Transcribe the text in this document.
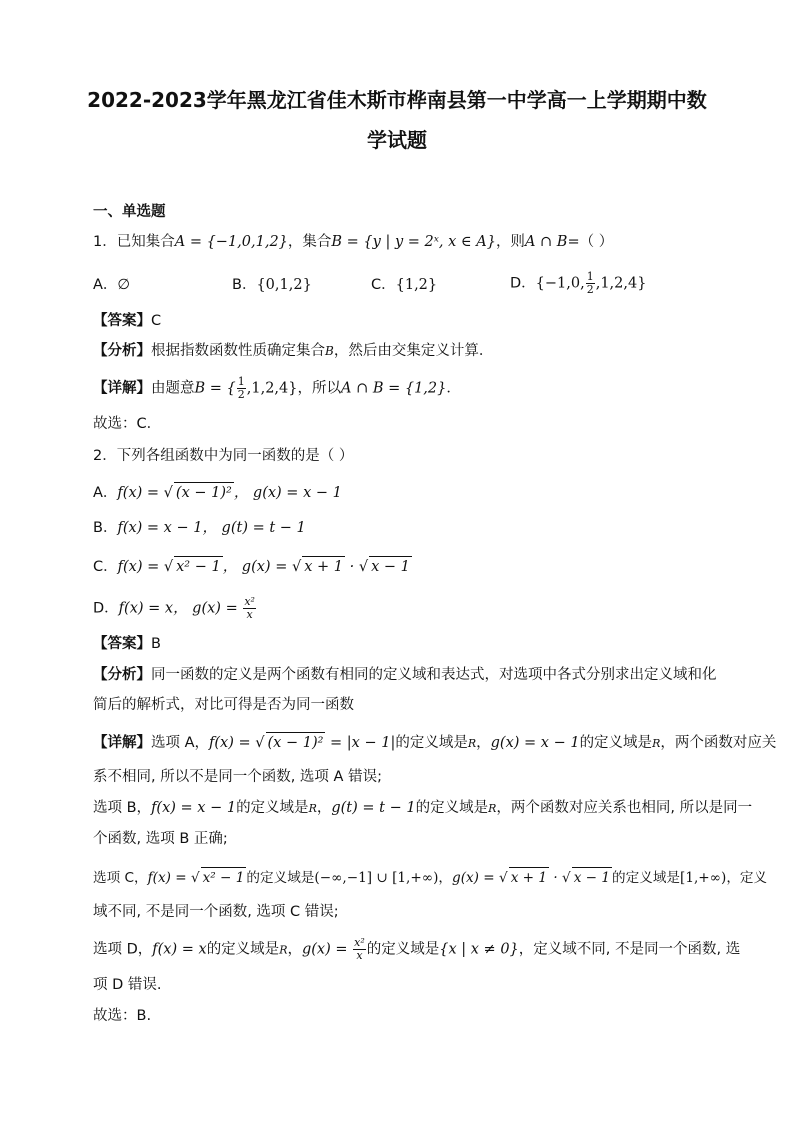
2022-2023学年黑龙江省佳木斯市桦南县第一中学高一上学期期中数
学试题
一、单选题
1．已知集合A = {−1,0,1,2}，集合B = {y | y = 2ˣ, x ∈ A}，则A ∩ B=（ ）
A．∅	B．{0,1,2}	C．{1,2}	D．{−1,0, $\frac{1}{2} ,1,2,4$}
【答案】C
【分析】根据指数函数性质确定集合B，然后由交集定义计算．
【详解】由题意B = { $\frac{1}{2} ,1,2,4$}，所以A ∩ B = {1,2}．
故选：C．
2．下列各组函数中为同一函数的是（ ）
A．f(x) = √ (x − 1)² ， g(x) = x − 1
B．f(x) = x − 1， g(t) = t − 1
C．f(x) = √ x² − 1 ， g(x) = √ x + 1 · √ x − 1
D．f(x) = x， $g(x) = \frac{\text{x²}}{x}$
【答案】B
【分析】同一函数的定义是两个函数有相同的定义域和表达式，对选项中各式分别求出定义域和化
简后的解析式，对比可得是否为同一函数
【详解】选项 A，f(x) = √ (x − 1)² = |x − 1|的定义域是R，g(x) = x − 1的定义域是R，两个函数对应关
系不相同, 所以不是同一个函数, 选项 A 错误;
选项 B，f(x) = x − 1的定义域是R，g(t) = t − 1的定义域是R，两个函数对应关系也相同, 所以是同一
个函数, 选项 B 正确;
选项 C，f(x) = √ x² − 1 的定义域是(−∞,−1] ∪ [1,+∞)，g(x) = √ x + 1 · √ x − 1 的定义域是[1,+∞)，定义
域不同, 不是同一个函数, 选项 C 错误;
选项 D，f(x) = x的定义域是R，$g(x) = \frac{\text{x²}}{x}$ 的定义域是{x | x ≠ 0}，定义域不同, 不是同一个函数, 选
项 D 错误.
故选：B.
